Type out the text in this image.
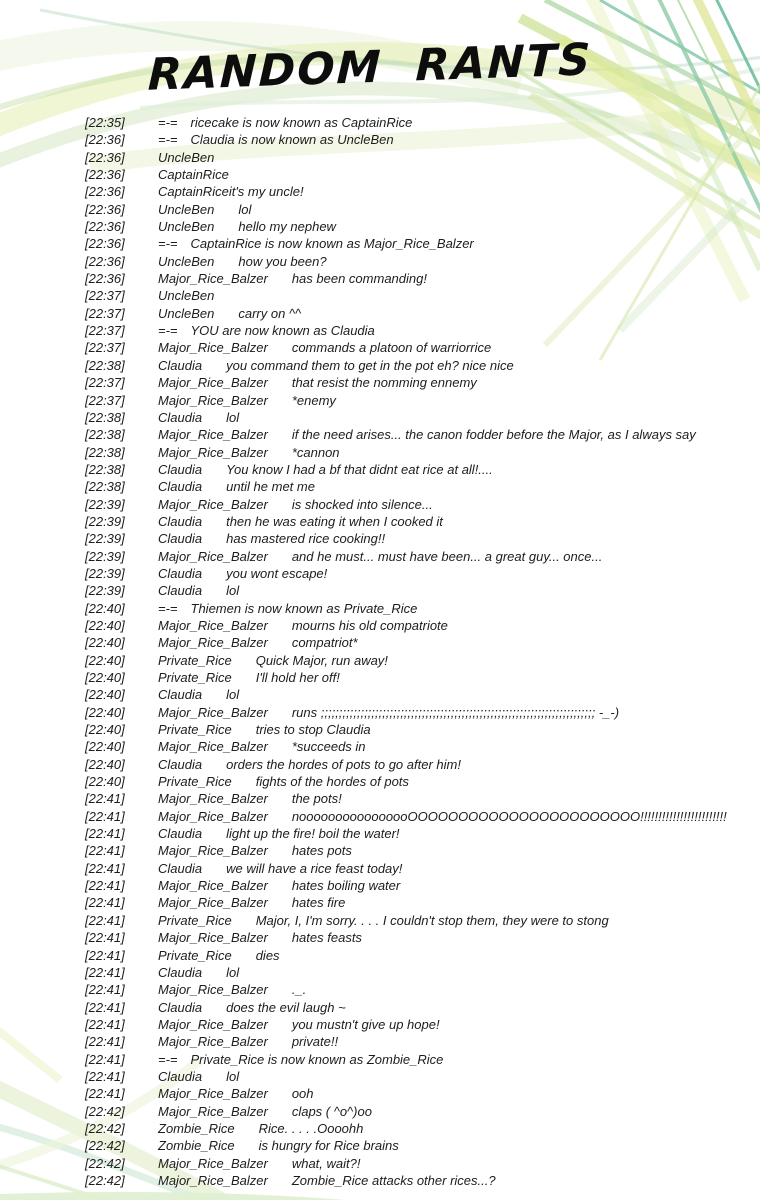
RANDOM RANTS
[22:35]	=-= ricecake is now known as CaptainRice
[22:36]	=-= Claudia is now known as UncleBen
[22:36]	UncleBen
[22:36]	CaptainRice
[22:36]	CaptainRice it's my uncle!
[22:36]	UncleBen lol
[22:36]	UncleBen hello my nephew
[22:36]	=-= CaptainRice is now known as Major_Rice_Balzer
[22:36]	UncleBen how you been?
[22:36]	Major_Rice_Balzer has been commanding!
[22:37]	UncleBen
[22:37]	UncleBen carry on ^^
[22:37]	=-= YOU are now known as Claudia
[22:37]	Major_Rice_Balzer commands a platoon of warriorrice
[22:38]	Claudia you command them to get in the pot eh? nice nice
[22:37]	Major_Rice_Balzer that resist the nomming ennemy
[22:37]	Major_Rice_Balzer *enemy
[22:38]	Claudia lol
[22:38]	Major_Rice_Balzer if the need arises... the canon fodder before the Major, as I always say
[22:38]	Major_Rice_Balzer *cannon
[22:38]	Claudia You know I had a bf that didnt eat rice at all!....
[22:38]	Claudia until he met me
[22:39]	Major_Rice_Balzer is shocked into silence...
[22:39]	Claudia then he was eating it when I cooked it
[22:39]	Claudia has mastered rice cooking!!
[22:39]	Major_Rice_Balzer and he must... must have been... a great guy... once...
[22:39]	Claudia you wont escape!
[22:39]	Claudia lol
[22:40]	=-= Thiemen is now known as Private_Rice
[22:40]	Major_Rice_Balzer mourns his old compatriote
[22:40]	Major_Rice_Balzer compatriot*
[22:40]	Private_Rice Quick Major, run away!
[22:40]	Private_Rice I'll hold her off!
[22:40]	Claudia lol
[22:40]	Major_Rice_Balzer runs ;;;;;;;;;;;;;;;;;;;;;;;;;;;;;;;;;;;;;;;;;;;;;;;;;;;;;;;;;;;;;;;;;;;;;;;;;;;; -_-)
[22:40]	Private_Rice tries to stop Claudia
[22:40]	Major_Rice_Balzer *succeeds in
[22:40]	Claudia orders the hordes of pots to go after him!
[22:40]	Private_Rice fights of the hordes of pots
[22:41]	Major_Rice_Balzer the pots!
[22:41]	Major_Rice_Balzer noooooooooooooooOOOOOOOOOOOOOOOOOOOOOOO!!!!!!!!!!!!!!!!!!!!!!!!
[22:41]	Claudia light up the fire! boil the water!
[22:41]	Major_Rice_Balzer hates pots
[22:41]	Claudia we will have a rice feast today!
[22:41]	Major_Rice_Balzer hates boiling water
[22:41]	Major_Rice_Balzer hates fire
[22:41]	Private_Rice Major, I, I'm sorry. . . . I couldn't stop them, they were to stong
[22:41]	Major_Rice_Balzer hates feasts
[22:41]	Private_Rice dies
[22:41]	Claudia lol
[22:41]	Major_Rice_Balzer ._.
[22:41]	Claudia does the evil laugh ~
[22:41]	Major_Rice_Balzer you mustn't give up hope!
[22:41]	Major_Rice_Balzer private!!
[22:41]	=-= Private_Rice is now known as Zombie_Rice
[22:41]	Claudia lol
[22:41]	Major_Rice_Balzer ooh
[22:42]	Major_Rice_Balzer claps ( ^o^)oo
[22:42]	Zombie_Rice Rice. . . . .Oooohh
[22:42]	Zombie_Rice is hungry for Rice brains
[22:42]	Major_Rice_Balzer what, wait?!
[22:42]	Major_Rice_Balzer Zombie_Rice attacks other rices...?
